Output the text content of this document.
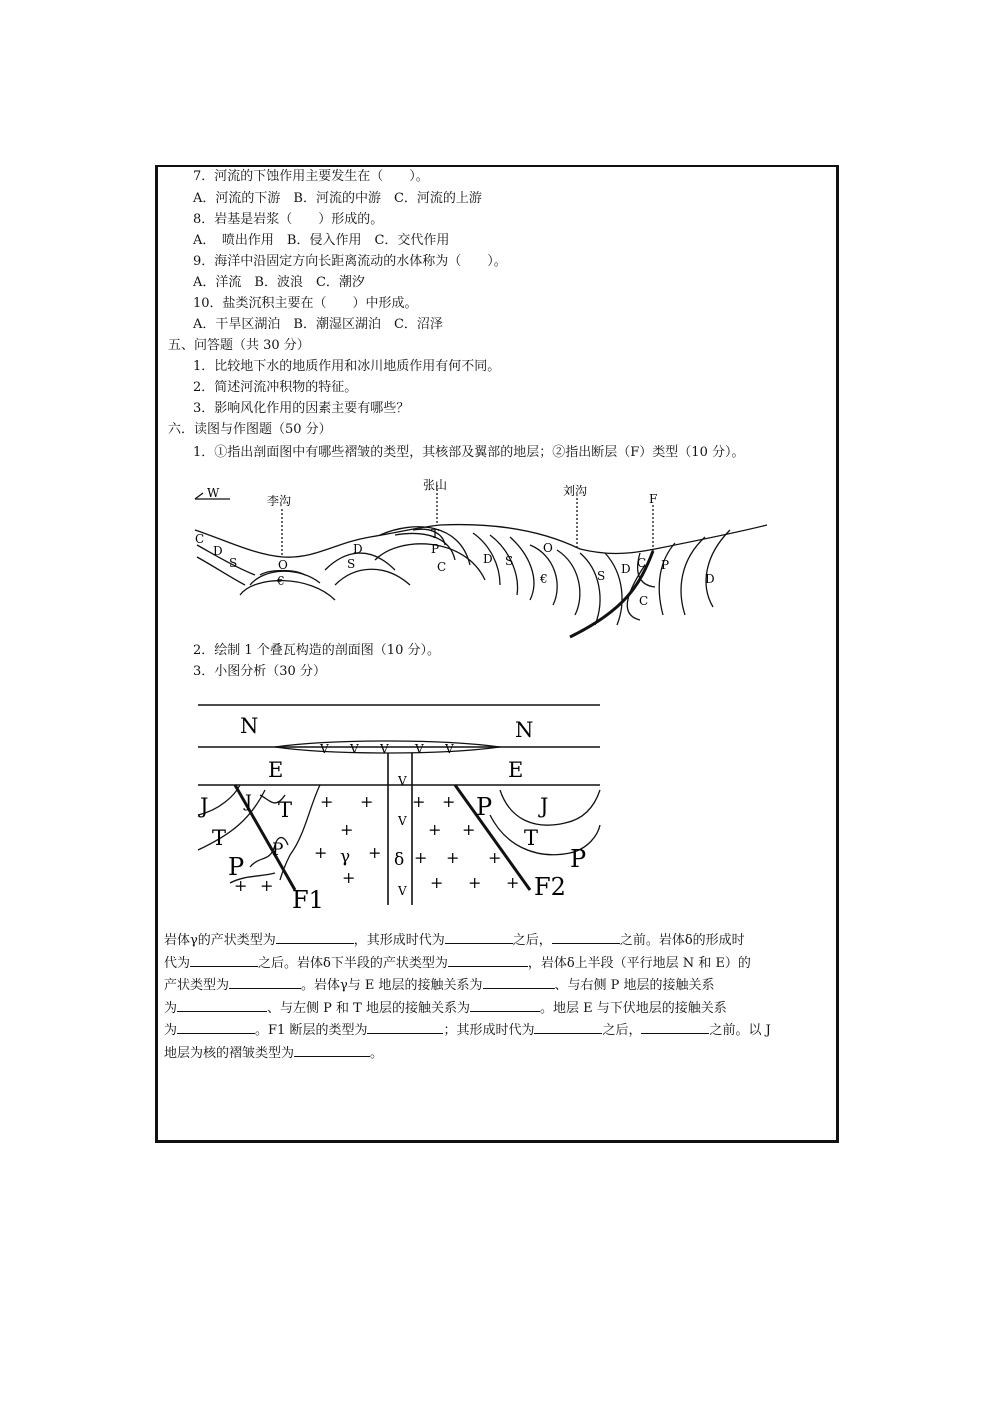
7．河流的下蚀作用主要发生在（　　）。
A．河流的下游　B．河流的中游　C．河流的上游
8．岩基是岩浆（　　）形成的。
A．　喷出作用　B．侵入作用　C．交代作用
9．海洋中沿固定方向长距离流动的水体称为（　　）。
A．洋流　B．波浪　C．潮汐
10．盐类沉积主要在（　　）中形成。
A．干旱区湖泊　B．潮湿区湖泊　C．沼泽
五、问答题（共 30 分）
1．比较地下水的地质作用和冰川地质作用有何不同。
2．简述河流冲积物的特征。
3．影响风化作用的因素主要有哪些？
六．读图与作图题（50 分）
1．①指出剖面图中有哪些褶皱的类型，其核部及翼部的地层；②指出断层（F）类型（10 分）。
W
李沟
张山	刘沟
F
C
D
S	O
€
S
D
T
P
C
D S
O
€	S D C P
C
D
2．绘制 1 个叠瓦构造的剖面图（10 分）。
3．小图分析（30 分）
N	N
E	E
J J T
T	P
P
P J
T
P
F1	F2
γ	δ
V V V V V
V
V
V
+ +
+
+	+
+
+ +
+ +
+ + +
+ + +
+ +
岩体γ的产状类型为	，其形成时代为	之后，	之前。岩体δ的形成时
代为	之后。岩体δ下半段的产状类型为	，岩体δ上半段（平行地层 N 和 E）的
产状类型为	。岩体γ与 E 地层的接触关系为	、与右侧 P 地层的接触关系
为	、与左侧 P 和 T 地层的接触关系为	。地层 E 与下伏地层的接触关系
为	。F1 断层的类型为	；其形成时代为	之后，	之前。以 J
地层为核的褶皱类型为	。
